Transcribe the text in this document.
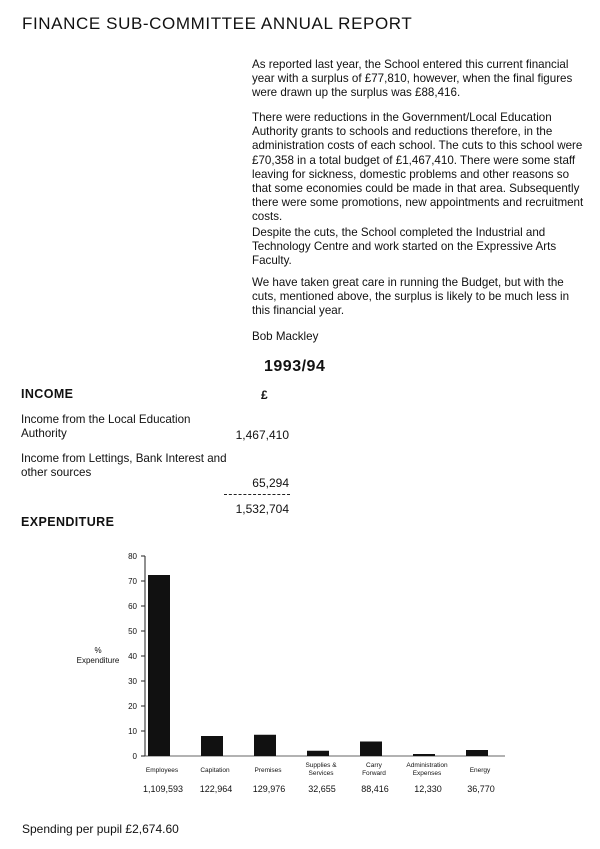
FINANCE SUB-COMMITTEE ANNUAL REPORT

As reported last year, the School entered this current financial year with a surplus of £77,810, however, when the final figures were drawn up the surplus was £88,416.

There were reductions in the Government/Local Education Authority grants to schools and reductions therefore, in the administration costs of each school. The cuts to this school were £70,358 in a total budget of £1,467,410. There were some staff leaving for sickness, domestic problems and other reasons so that some economies could be made in that area. Subsequently there were some promotions, new appointments and recruitment costs.

Despite the cuts, the School completed the Industrial and Technology Centre and work started on the Expressive Arts Faculty.

We have taken great care in running the Budget, but with the cuts, mentioned above, the surplus is likely to be much less in this financial year.

Bob Mackley

1993/94
INCOME	£
Income from the Local Education Authority	1,467,410
Income from Lettings, Bank Interest and other sources
65,294
1,532,704
EXPENDITURE
0
10
20
30
40
50
60
70
80
%
Expenditure
Employees
1,109,593
Capitation
122,964
Premises
129,976
Supplies &
Services
32,655
Carry
Forward
88,416
Administration
Expenses
12,330
Energy
36,770
Spending per pupil £2,674.60
